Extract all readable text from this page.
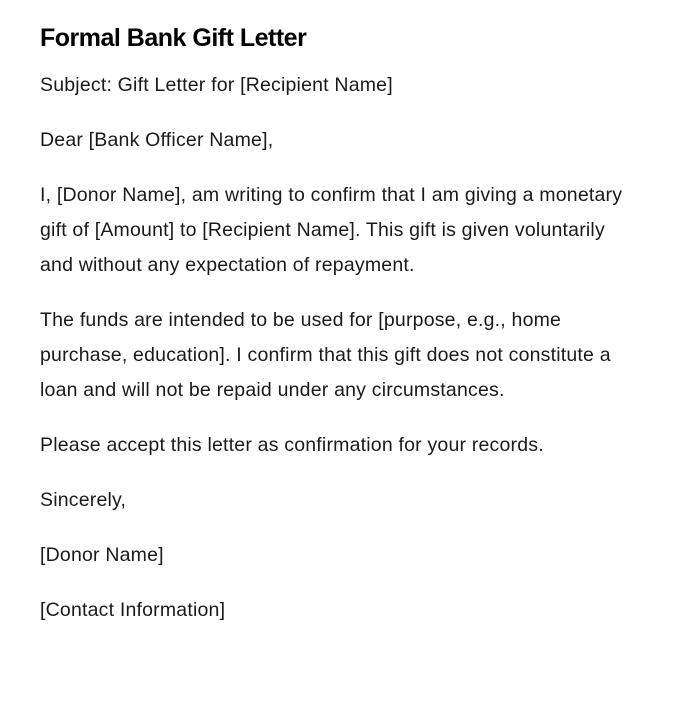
Formal Bank Gift Letter

Subject: Gift Letter for [Recipient Name]

Dear [Bank Officer Name],

I, [Donor Name], am writing to confirm that I am giving a monetary gift of [Amount] to [Recipient Name]. This gift is given voluntarily and without any expectation of repayment.

The funds are intended to be used for [purpose, e.g., home purchase, education]. I confirm that this gift does not constitute a loan and will not be repaid under any circumstances.

Please accept this letter as confirmation for your records.

Sincerely,

[Donor Name]

[Contact Information]
